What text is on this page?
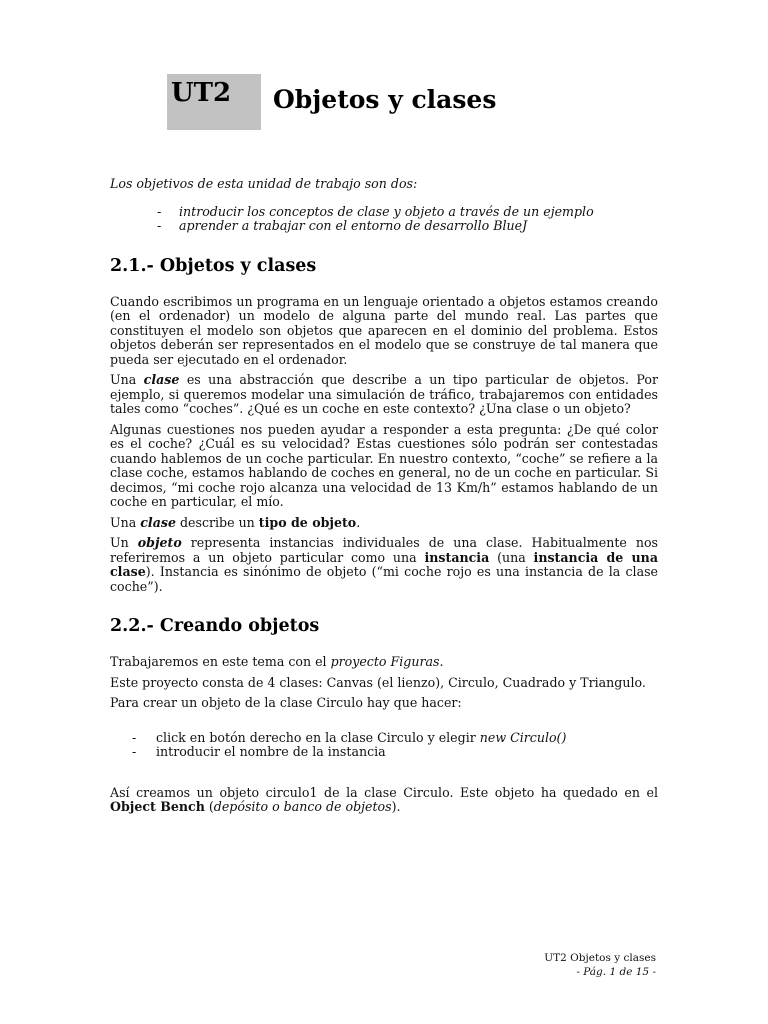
UT2 Objetos y clases

Los objetivos de esta unidad de trabajo son dos:

- introducir los conceptos de clase y objeto a través de un ejemplo
- aprender a trabajar con el entorno de desarrollo BlueJ
2.1.- Objetos y clases

Cuando escribimos un programa en un lenguaje orientado a objetos estamos creando (en el ordenador) un modelo de alguna parte del mundo real. Las partes que constituyen el modelo son objetos que aparecen en el dominio del problema. Estos objetos deberán ser representados en el modelo que se construye de tal manera que pueda ser ejecutado en el ordenador.

Una clase es una abstracción que describe a un tipo particular de objetos. Por ejemplo, si queremos modelar una simulación de tráfico, trabajaremos con entidades tales como “coches”. ¿Qué es un coche en este contexto? ¿Una clase o un objeto?

Algunas cuestiones nos pueden ayudar a responder a esta pregunta: ¿De qué color es el coche? ¿Cuál es su velocidad? Estas cuestiones sólo podrán ser contestadas cuando hablemos de un coche particular. En nuestro contexto, “coche” se refiere a la clase coche, estamos hablando de coches en general, no de un coche en particular. Si decimos, “mi coche rojo alcanza una velocidad de 13 Km/h” estamos hablando de un coche en particular, el mío.

Una clase describe un tipo de objeto.

Un objeto representa instancias individuales de una clase. Habitualmente nos referiremos a un objeto particular como una instancia (una instancia de una clase). Instancia es sinónimo de objeto (“mi coche rojo es una instancia de la clase coche”).

2.2.- Creando objetos

Trabajaremos en este tema con el proyecto Figuras.

Este proyecto consta de 4 clases: Canvas (el lienzo), Circulo, Cuadrado y Triangulo.

Para crear un objeto de la clase Circulo hay que hacer:

- click en botón derecho en la clase Circulo y elegir new Circulo()
- introducir el nombre de la instancia

Así creamos un objeto circulo1 de la clase Circulo. Este objeto ha quedado en el Object Bench (depósito o banco de objetos).

UT2 Objetos y clases
- Pág. 1 de 15 -
